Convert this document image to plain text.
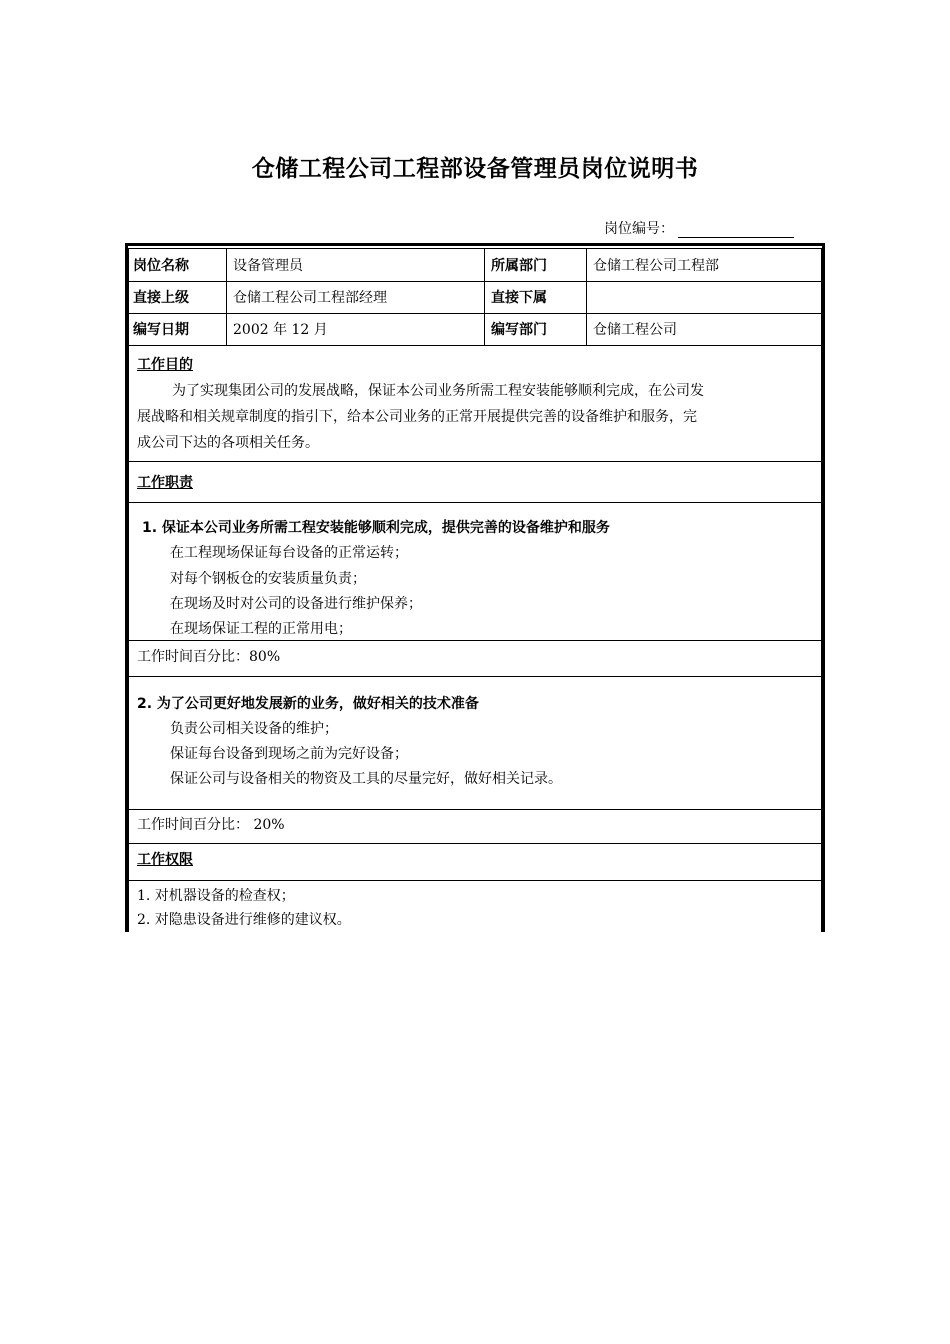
仓储工程公司工程部设备管理员岗位说明书
岗位编号：
岗位名称	设备管理员	所属部门	仓储工程公司工程部
直接上级	仓储工程公司工程部经理	直接下属
编写日期	2002 年 12 月	编写部门	仓储工程公司
工作目的
为了实现集团公司的发展战略，保证本公司业务所需工程安装能够顺利完成，在公司发
展战略和相关规章制度的指引下，给本公司业务的正常开展提供完善的设备维护和服务，完
成公司下达的各项相关任务。
工作职责
1. 保证本公司业务所需工程安装能够顺利完成，提供完善的设备维护和服务
在工程现场保证每台设备的正常运转；
对每个钢板仓的安装质量负责；
在现场及时对公司的设备进行维护保养；
在现场保证工程的正常用电；
工作时间百分比：80%
2. 为了公司更好地发展新的业务，做好相关的技术准备
负责公司相关设备的维护；
保证每台设备到现场之前为完好设备；
保证公司与设备相关的物资及工具的尽量完好，做好相关记录。
工作时间百分比： 20%
工作权限
1. 对机器设备的检查权；
2. 对隐患设备进行维修的建议权。
